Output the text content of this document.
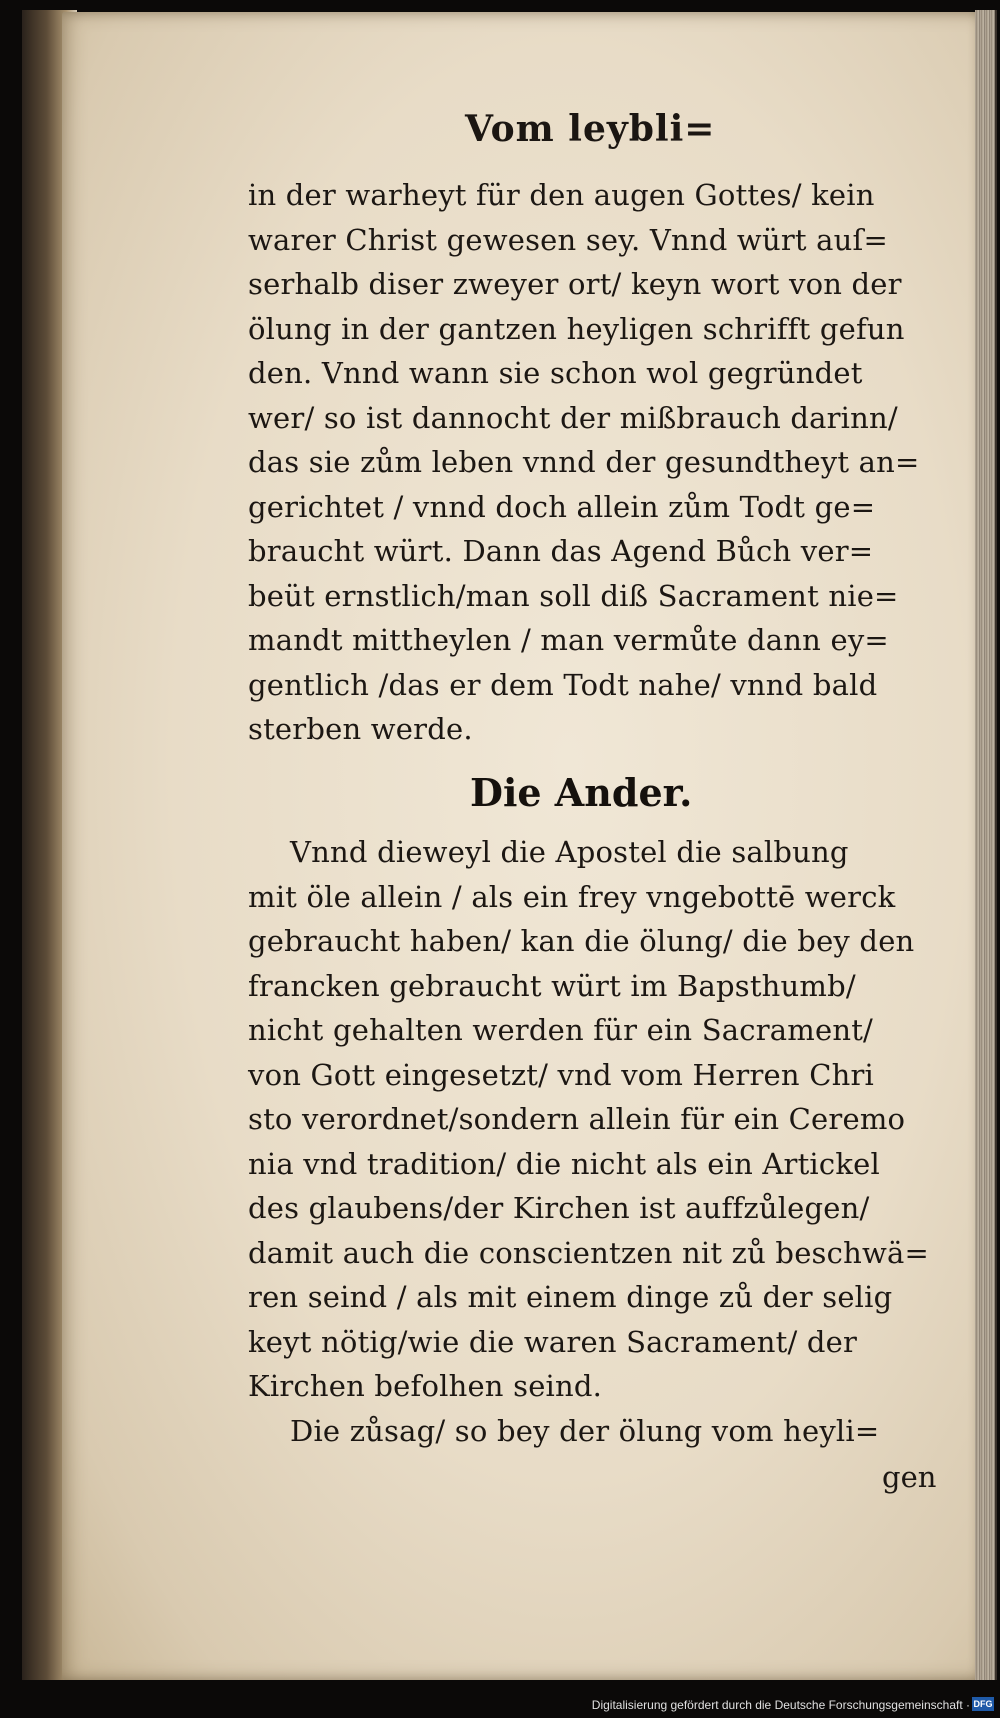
Vom leybli=
in der warheyt für den augen Gottes/ kein
warer Christ gewesen sey. Vnnd würt auſ=
serhalb diser zweyer ort/ keyn wort von der
ölung in der gantzen heyligen schrifft gefun
den. Vnnd wann sie schon wol gegründet
wer/ so ist dannocht der mißbrauch darinn/
das sie zům leben vnnd der gesundtheyt an=
gerichtet / vnnd doch allein zům Todt ge=
braucht würt. Dann das Agend Bůch ver=
beüt ernstlich/man soll diß Sacrament nie=
mandt mittheylen / man vermůte dann ey=
gentlich /das er dem Todt nahe/ vnnd bald
sterben werde.
Die Ander.
Vnnd dieweyl die Apostel die salbung
mit öle allein / als ein frey vngebottē werck
gebraucht haben/ kan die ölung/ die bey den
francken gebraucht würt im Bapsthumb/
nicht gehalten werden für ein Sacrament/
von Gott eingesetzt/ vnd vom Herren Chri
sto verordnet/sondern allein für ein Ceremo
nia vnd tradition/ die nicht als ein Artickel
des glaubens/der Kirchen ist auffzůlegen/
damit auch die conscientzen nit zů beschwä=
ren seind / als mit einem dinge zů der selig
keyt nötig/wie die waren Sacrament/ der
Kirchen befolhen seind.
Die zůsag/ so bey der ölung vom heyli=
gen
Digitalisierung gefördert durch die Deutsche Forschungsgemeinschaft · DFG
